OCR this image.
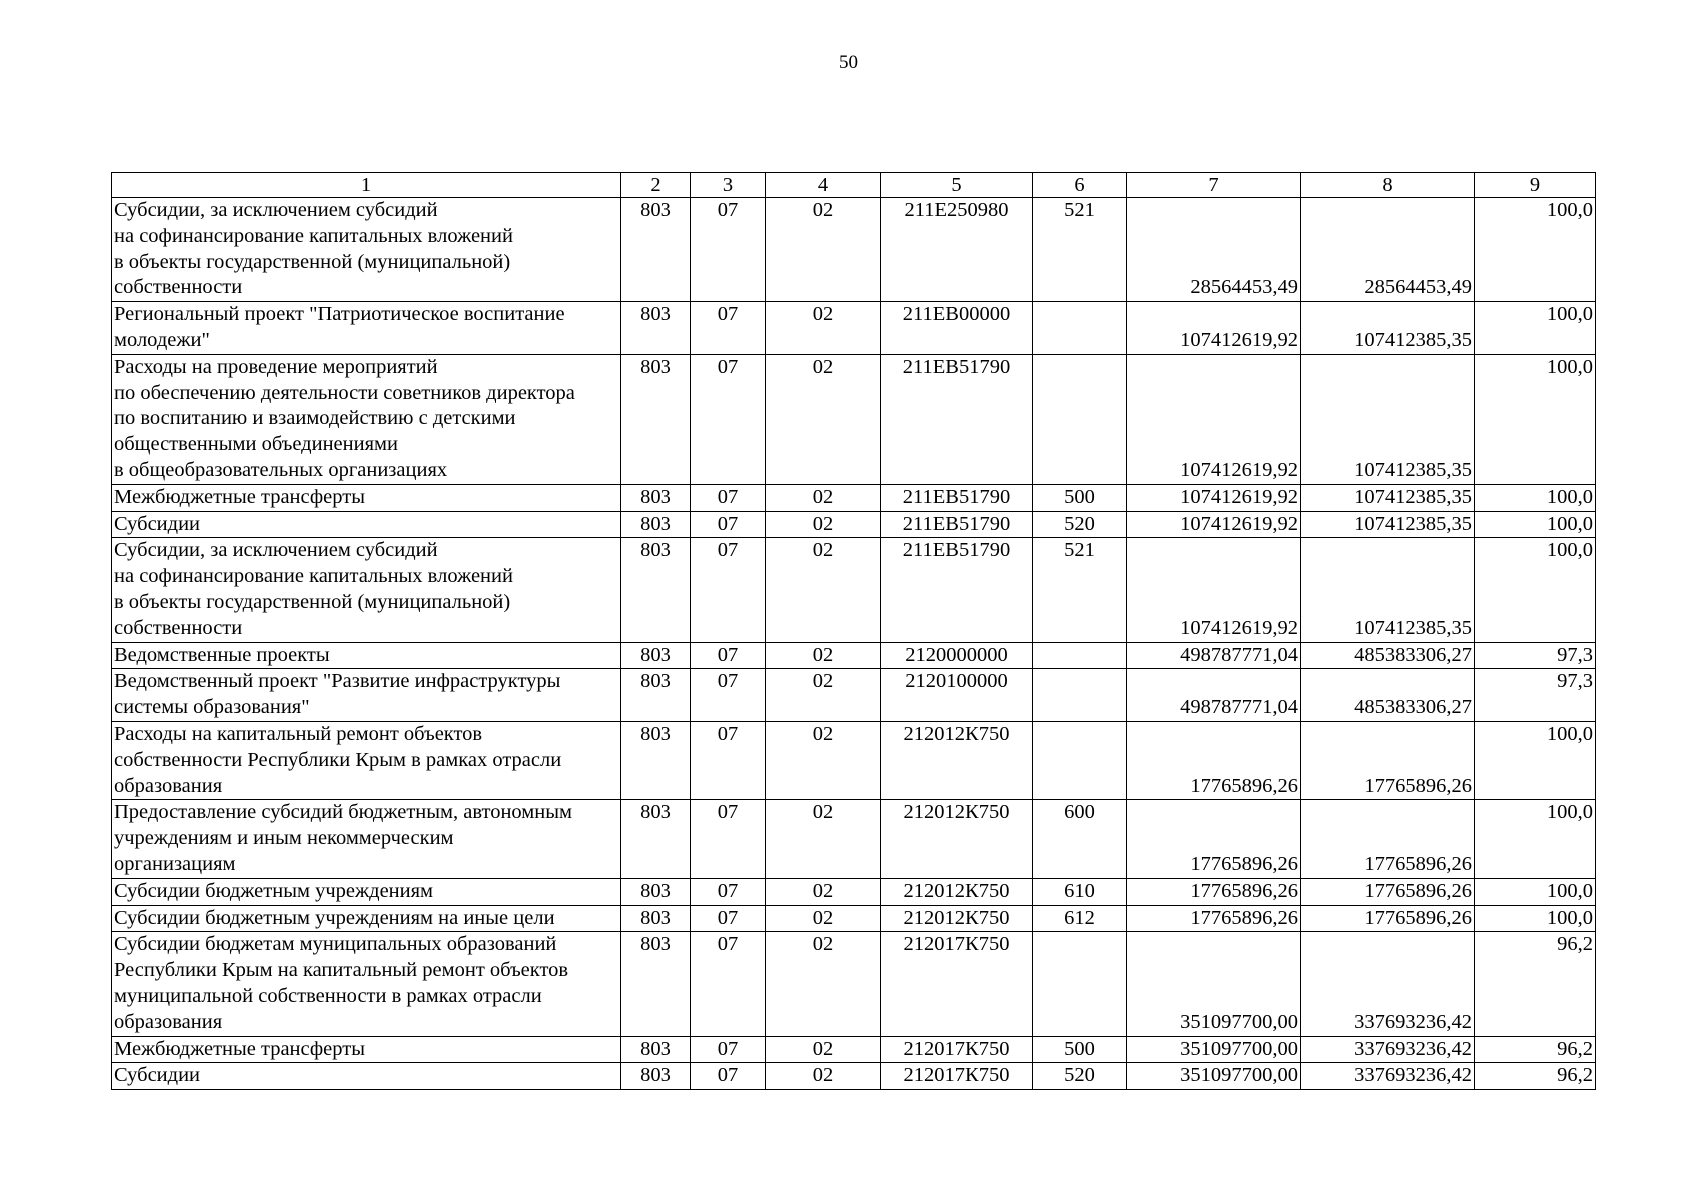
50
1	2	3	4	5	6	7	8	9
Субсидии, за исключением субсидий
на софинансирование капитальных вложений
в объекты государственной (муниципальной)
собственности	803	07	02	211E250980	521	28564453,49	28564453,49	100,0
Региональный проект "Патриотическое воспитание
молодежи"	803	07	02	211EB00000		107412619,92	107412385,35	100,0
Расходы на проведение мероприятий
по обеспечению деятельности советников директора
по воспитанию и взаимодействию с детскими
общественными объединениями
в общеобразовательных организациях	803	07	02	211EB51790		107412619,92	107412385,35	100,0
Межбюджетные трансферты	803	07	02	211EB51790	500	107412619,92	107412385,35	100,0
Субсидии	803	07	02	211EB51790	520	107412619,92	107412385,35	100,0
Субсидии, за исключением субсидий
на софинансирование капитальных вложений
в объекты государственной (муниципальной)
собственности	803	07	02	211EB51790	521	107412619,92	107412385,35	100,0
Ведомственные проекты	803	07	02	2120000000		498787771,04	485383306,27	97,3
Ведомственный проект "Развитие инфраструктуры
системы образования"	803	07	02	2120100000		498787771,04	485383306,27	97,3
Расходы на капитальный ремонт объектов
собственности Республики Крым в рамках отрасли
образования	803	07	02	212012К750		17765896,26	17765896,26	100,0
Предоставление субсидий бюджетным, автономным
учреждениям и иным некоммерческим
организациям	803	07	02	212012К750	600	17765896,26	17765896,26	100,0
Субсидии бюджетным учреждениям	803	07	02	212012К750	610	17765896,26	17765896,26	100,0
Субсидии бюджетным учреждениям на иные цели	803	07	02	212012К750	612	17765896,26	17765896,26	100,0
Субсидии бюджетам муниципальных образований
Республики Крым на капитальный ремонт объектов
муниципальной собственности в рамках отрасли
образования	803	07	02	212017К750		351097700,00	337693236,42	96,2
Межбюджетные трансферты	803	07	02	212017К750	500	351097700,00	337693236,42	96,2
Субсидии	803	07	02	212017К750	520	351097700,00	337693236,42	96,2
